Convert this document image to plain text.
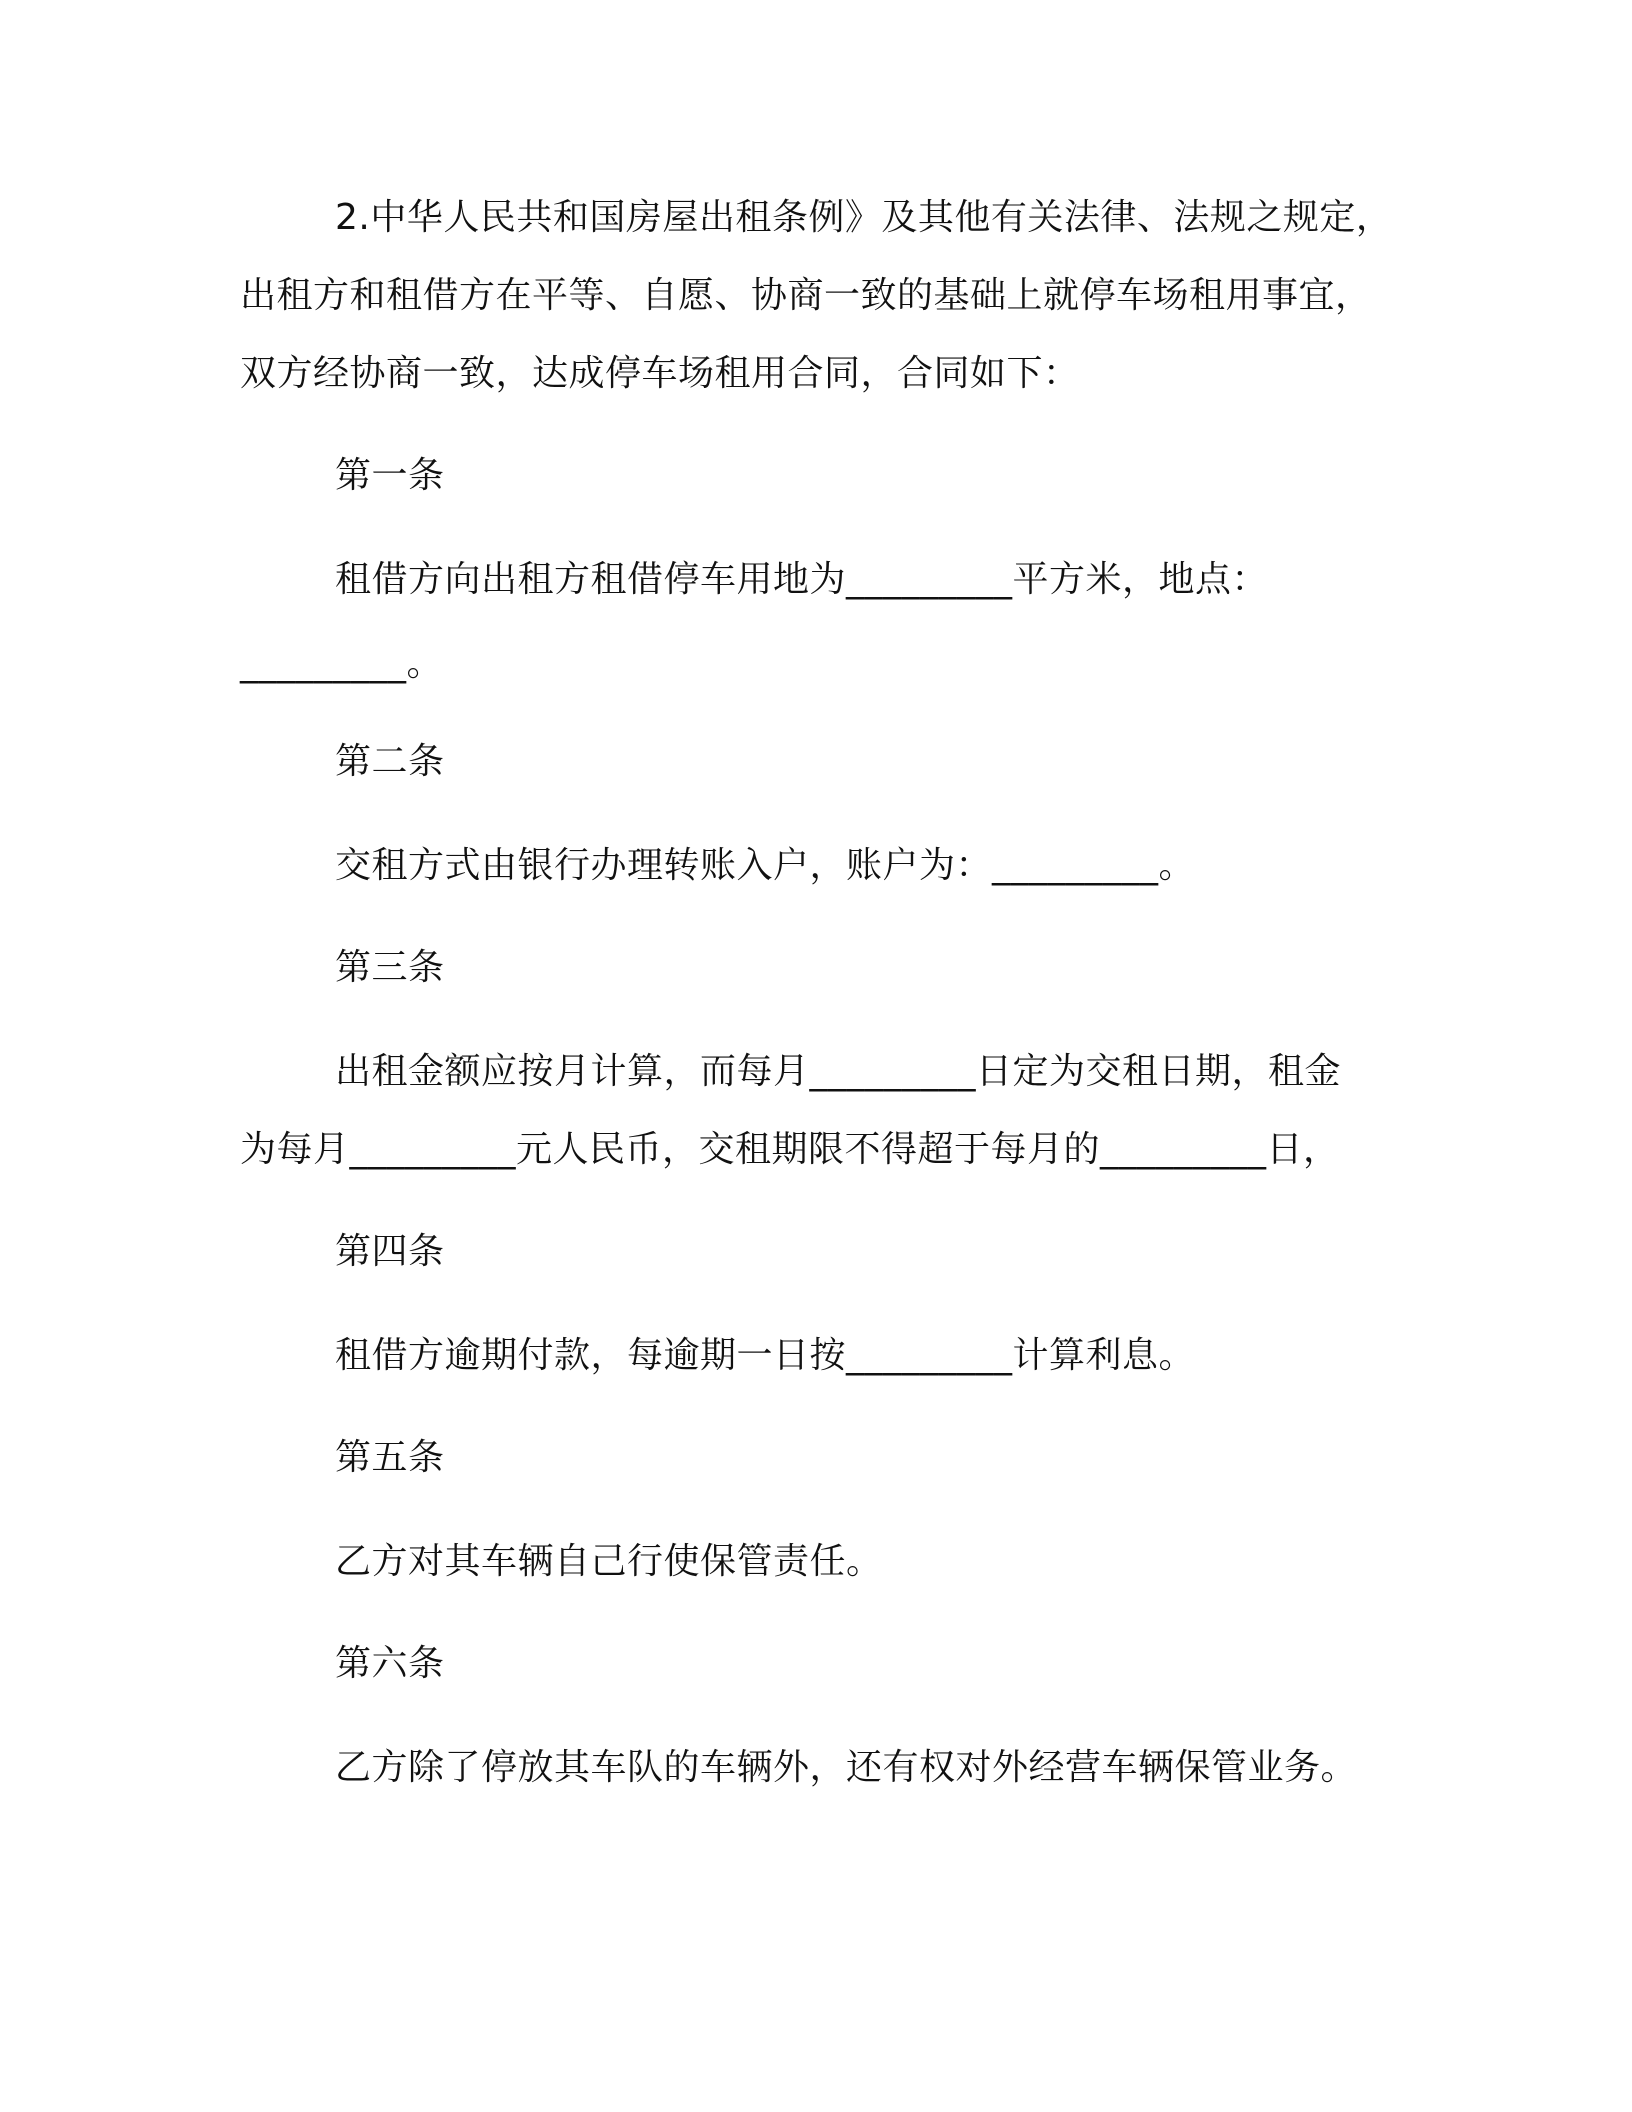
2.中华人民共和国房屋出租条例》及其他有关法律、法规之规定，
出租方和租借方在平等、自愿、协商一致的基础上就停车场租用事宜，
双方经协商一致，达成停车场租用合同，合同如下：
第一条
租借方向出租方租借停车用地为_________平方米，地点：
_________。
第二条
交租方式由银行办理转账入户，账户为：_________。
第三条
出租金额应按月计算，而每月_________日定为交租日期，租金
为每月_________元人民币，交租期限不得超于每月的_________日，
第四条
租借方逾期付款，每逾期一日按_________计算利息。
第五条
乙方对其车辆自己行使保管责任。
第六条
乙方除了停放其车队的车辆外，还有权对外经营车辆保管业务。
